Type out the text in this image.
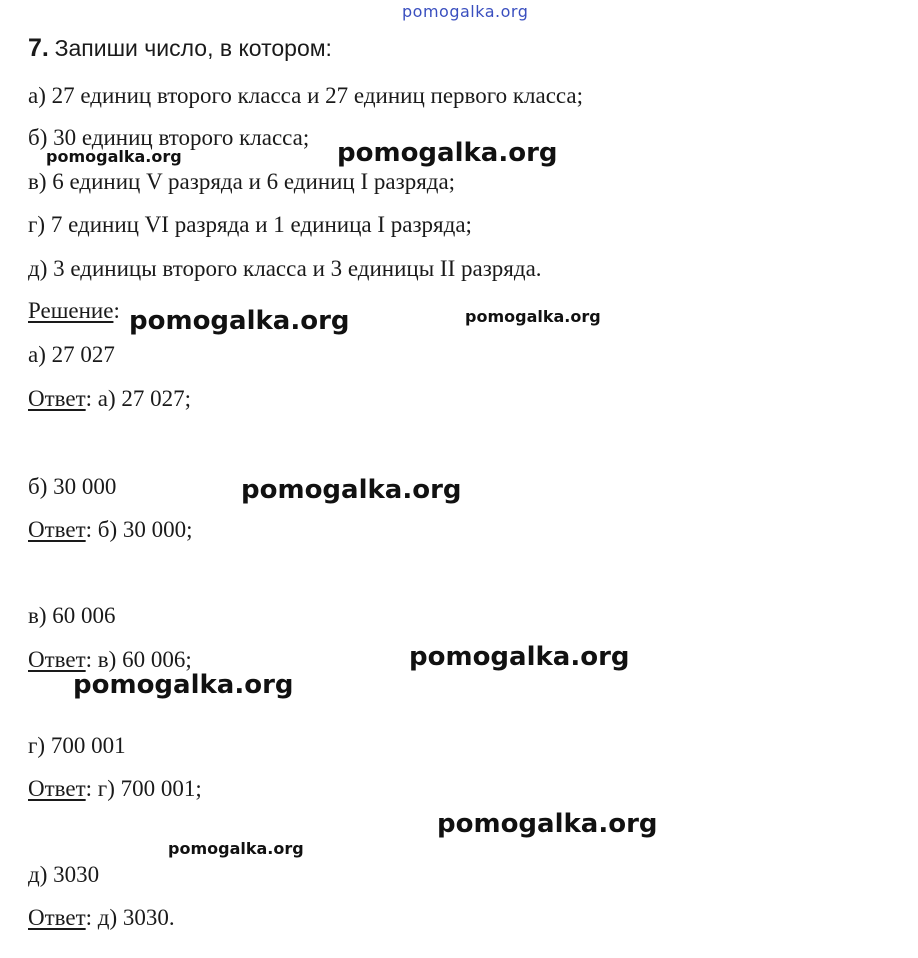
pomogalka.org
7. Запиши число, в котором:
а) 27 единиц второго класса и 27 единиц первого класса;
б) 30 единиц второго класса;
в) 6 единиц V разряда и 6 единиц I разряда;
г) 7 единиц VI разряда и 1 единица I разряда;
д) 3 единицы второго класса и 3 единицы II разряда.
Решение:
а) 27 027
Ответ: а) 27 027;
б) 30 000
Ответ: б) 30 000;
в) 60 006
Ответ: в) 60 006;
г) 700 001
Ответ: г) 700 001;
д) 3030
Ответ: д) 3030.
pomogalka.org	pomogalka.org
pomogalka.org	pomogalka.org
pomogalka.org
pomogalka.org
pomogalka.org
pomogalka.org
pomogalka.org
